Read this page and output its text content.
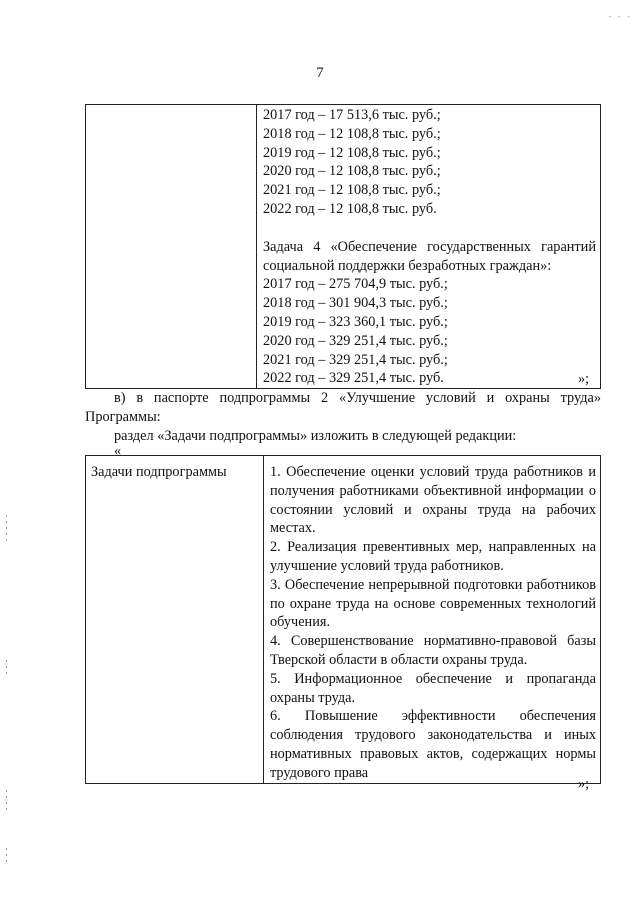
- - -
7

2017 год – 17 513,6 тыс. руб.;
2018 год – 12 108,8 тыс. руб.;
2019 год – 12 108,8 тыс. руб.;
2020 год – 12 108,8 тыс. руб.;
2021 год – 12 108,8 тыс. руб.;
2022 год – 12 108,8 тыс. руб.
Задача 4 «Обеспечение государственных гарантий
социальной поддержки безработных граждан»:
2017 год – 275 704,9 тыс. руб.;
2018 год – 301 904,3 тыс. руб.;
2019 год – 323 360,1 тыс. руб.;
2020 год – 329 251,4 тыс. руб.;
2021 год – 329 251,4 тыс. руб.;
2022 год – 329 251,4 тыс. руб.	»;
в) в паспорте подпрограммы 2 «Улучшение условий и охраны труда»
Программы:
раздел «Задачи подпрограммы» изложить в следующей редакции:
«
Задачи подпрограммы	1. Обеспечение оценки условий труда работников и получения работниками объективной информации о состоянии условий и охраны труда на рабочих местах.
2. Реализация превентивных мер, направленных на улучшение условий труда работников.
3. Обеспечение непрерывной подготовки работников по охране труда на основе современных технологий обучения.
4. Совершенствование нормативно-правовой базы Тверской области в области охраны труда.
5. Информационное обеспечение и пропаганда охраны труда.
6. Повышение эффективности обеспечения соблюдения трудового законодательства и иных нормативных правовых актов, содержащих нормы трудового права
»;
